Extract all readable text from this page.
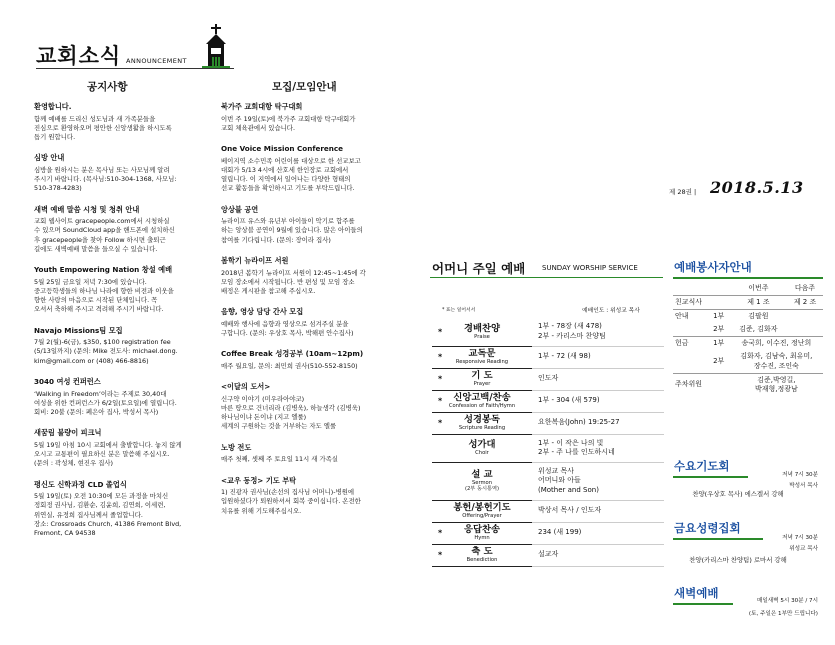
교회소식 ANNOUNCEMENT
공지사항	모집/모임안내
환영합니다.

함께 예배를 드리신 성도님과 새 가족분들을
진심으로 환영하오며 평안한 신앙생활을 하시도록
돕기 원합니다.

심방 안내

심방을 원하시는 분은 목사님 또는 사모님께 알려
주시기 바랍니다. (목사님:510-304-1368, 사모님:
510-378-4283)

새벽 예배 말씀 시청 및 청취 안내

교회 웹사이트 gracepeople.com에서 시청하실
수 있으며 SoundCloud app을 핸드폰에 설치하신
후 gracepeople을 찾아 Follow 하시면 출퇴근
길에도 새벽예배 말씀을 들으실 수 있습니다.

Youth Empowering Nation 창설 예배

5월 25일 금요일 저녁 7:30에 있습니다.
중고등학생들의 하나님 나라에 향한 비전과 이웃을
향한 사랑의 마음으로 시작된 단체입니다. 꼭
오셔서 축하해 주시고 격려해 주시기 바랍니다.

Navajo Missions팀 모집

7월 2(월)-6(금), $350, $100 registration fee
(5/13일까지) (문의: Mike 전도사: michael.dong.
kim@gmail.com or (408) 466-8816)

3040 여성 컨퍼런스

‘Walking in Freedom’이라는 주제로 30,40대
여성을 위한 컨퍼런스가 6/2일(토요일)에 열립니다.
회비: 20불 (문의: 폐은아 집사, 박성서 목사)

새꿈림 불량이 피크닉

5월 19일 아침 10시 교회에서 출발합니다. 놓지 않게
오시고 교통편이 필요하신 분은 말씀해 주십시오.
(문의 : 곽성체, 현진우 집사)

평신도 신학과정 CLD 졸업식

5월 19일(토) 오전 10:30에 모든 과정을 마치신
정회정 권사님, 김환순, 김윤희, 김연희, 이세련,
위연실, 유정희 집사님께서 졸업합니다.
장소: Crossroads Church, 41386 Fremont Blvd,
Fremont, CA 94538

북가주 교회대항 탁구대회

이번 주 19일(토)에 북가주 교회대항 탁구대회가
교회 체육관에서 있습니다.

One Voice Mission Conference

베이지역 소수민족 어린이를 대상으로 한 선교보고
대회가 5/13 4시에 산호세 한인장로 교회에서
열립니다. 이 지역에서 일어나는 다양한 형태의
선교 활동들을 확인하시고 기도를 부탁드립니다.

앙상블 공연

뉴라이프 유스와 유년부 아이들이 악기로 합주를
하는 앙상블 공연이 9월에 있습니다. 많은 아이들의
참여를 기다립니다. (문의: 장이라 집사)

봄학기 뉴라이프 서원

2018년 봄학기 뉴라이프 서원이 12:45~1:45에 각
모임 장소에서 시작됩니다. 반 편성 및 모임 장소
배정은 게시판을 참고해 주십시오.

음향, 영상 담당 간사 모집

예배와 행사에 음향과 영상으로 섬겨주실 분을
구합니다. (문의: 우상호 목사, 박해편 안수집사)

Coffee Break 성경공부 (10am~12pm)

매주 월요일, 문의: 최민희 권사(510-552-8150)

<이달의 도서>

신구약 이야기 (미우라아야코)
마른 땅으로 건너리라 (김병욱), 하늘생각 (김병욱)
하나님이냐 돈이냐 (지고 엘룰)
세계의 구원하는 것을 거부하는 자도 엘룰

노방 전도

매주 첫째, 셋째 주 토요일 11시 새 가족실

<교우 동정> 기도 부탁

1) 진광자 권사님(손선의 집사님 어머니)-병원에
입원하셨다가 퇴원하셔서 회복 중이십니다. 온전한
치유를 위해 기도해주십시오.

제 28권 | 2018.5.13
어머니 주일 예배 SUNDAY WORSHIP SERVICE
* 표는 일어서서	예배인도 : 위성교 목사
* 경배찬양
Praise	1부 - 78장 (새 478)
2부 - 카리스마 찬양팀

* 교독문
Responsive Reading	1부 - 72 (새 98)

* 기 도
Prayer	인도자

* 신앙고백/찬송
Confession of Faith/Hymn	1부 - 304 (새 579)

* 성경봉독
Scripture Reading	요한복음(John) 19:25-27

성가대
Choir	1부 - 이 작은 나의 빛
2부 - 주 나를 인도하시네

설 교
Sermon
(2부 동시통역)	위성교 목사
어머니와 아들
(Mother and Son)

봉헌/봉헌기도
Offering/Prayer	박상서 목사 / 인도자

* 응답찬송
Hymn	234 (새 199)

* 축 도
Benediction	설교자
예배봉사자안내
		이번주	다음주
친교식사		제 1 조	제 2 조
안내	1부	김팔원	
	2부	김준, 김화자	
헌금	1부	송국희, 이수진, 정난희	
	2부	김화자, 김남숙, 최유미,
장수진, 조인숙	
주차위원		김준,박영길,
박재형,정광남	
수요기도회
저녁 7시 30분
박성서 목사
찬양(우상호 목사) 에스겔서 강해
금요성령집회
저녁 7시 30분
위성교 목사
찬양(카리스마 찬양팀) 로마서 강해
새벽예배
매일새벽 5시 30분 / 7시
(토, 주일은 1부만 드립니다)
